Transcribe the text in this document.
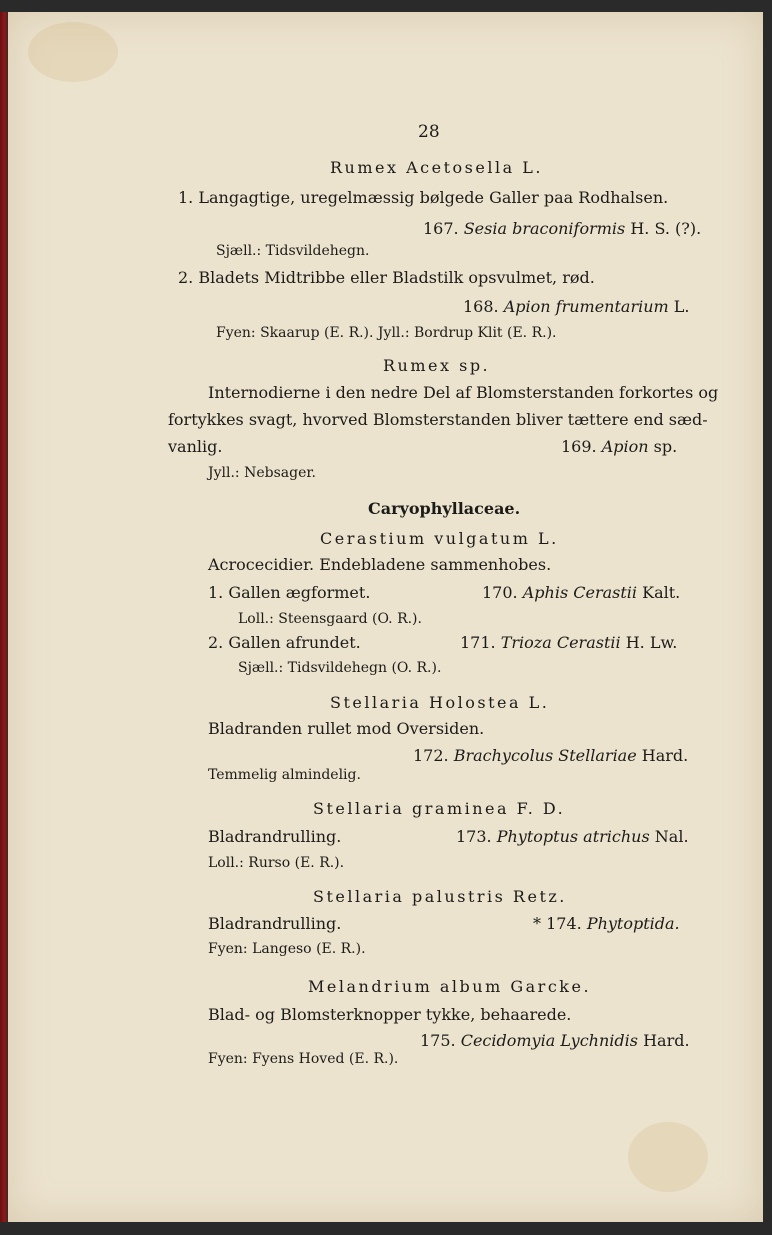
28
Rumex Acetosella L.
1. Langagtige, uregelmæssig bølgede Galler paa Rodhalsen.
167. Sesia braconiformis H. S. (?).
Sjæll.: Tidsvildehegn.
2. Bladets Midtribbe eller Bladstilk opsvulmet, rød.
168. Apion frumentarium L.
Fyen: Skaarup (E. R.). Jyll.: Bordrup Klit (E. R.).
Rumex sp.
Internodierne i den nedre Del af Blomsterstanden forkortes og
fortykkes svagt, hvorved Blomsterstanden bliver tættere end sæd-
vanlig.	169. Apion sp.
Jyll.: Nebsager.
Caryophyllaceae.
Cerastium vulgatum L.
Acrocecidier. Endebladene sammenhobes.
1. Gallen ægformet.	170. Aphis Cerastii Kalt.
Loll.: Steensgaard (O. R.).
2. Gallen afrundet.	171. Trioza Cerastii H. Lw.
Sjæll.: Tidsvildehegn (O. R.).
Stellaria Holostea L.
Bladranden rullet mod Oversiden.
172. Brachycolus Stellariae Hard.
Temmelig almindelig.
Stellaria graminea F. D.
Bladrandrulling.	173. Phytoptus atrichus Nal.
Loll.: Rurso (E. R.).
Stellaria palustris Retz.
Bladrandrulling.	* 174. Phytoptida.
Fyen: Langeso (E. R.).
Melandrium album Garcke.
Blad- og Blomsterknopper tykke, behaarede.
175. Cecidomyia Lychnidis Hard.
Fyen: Fyens Hoved (E. R.).
